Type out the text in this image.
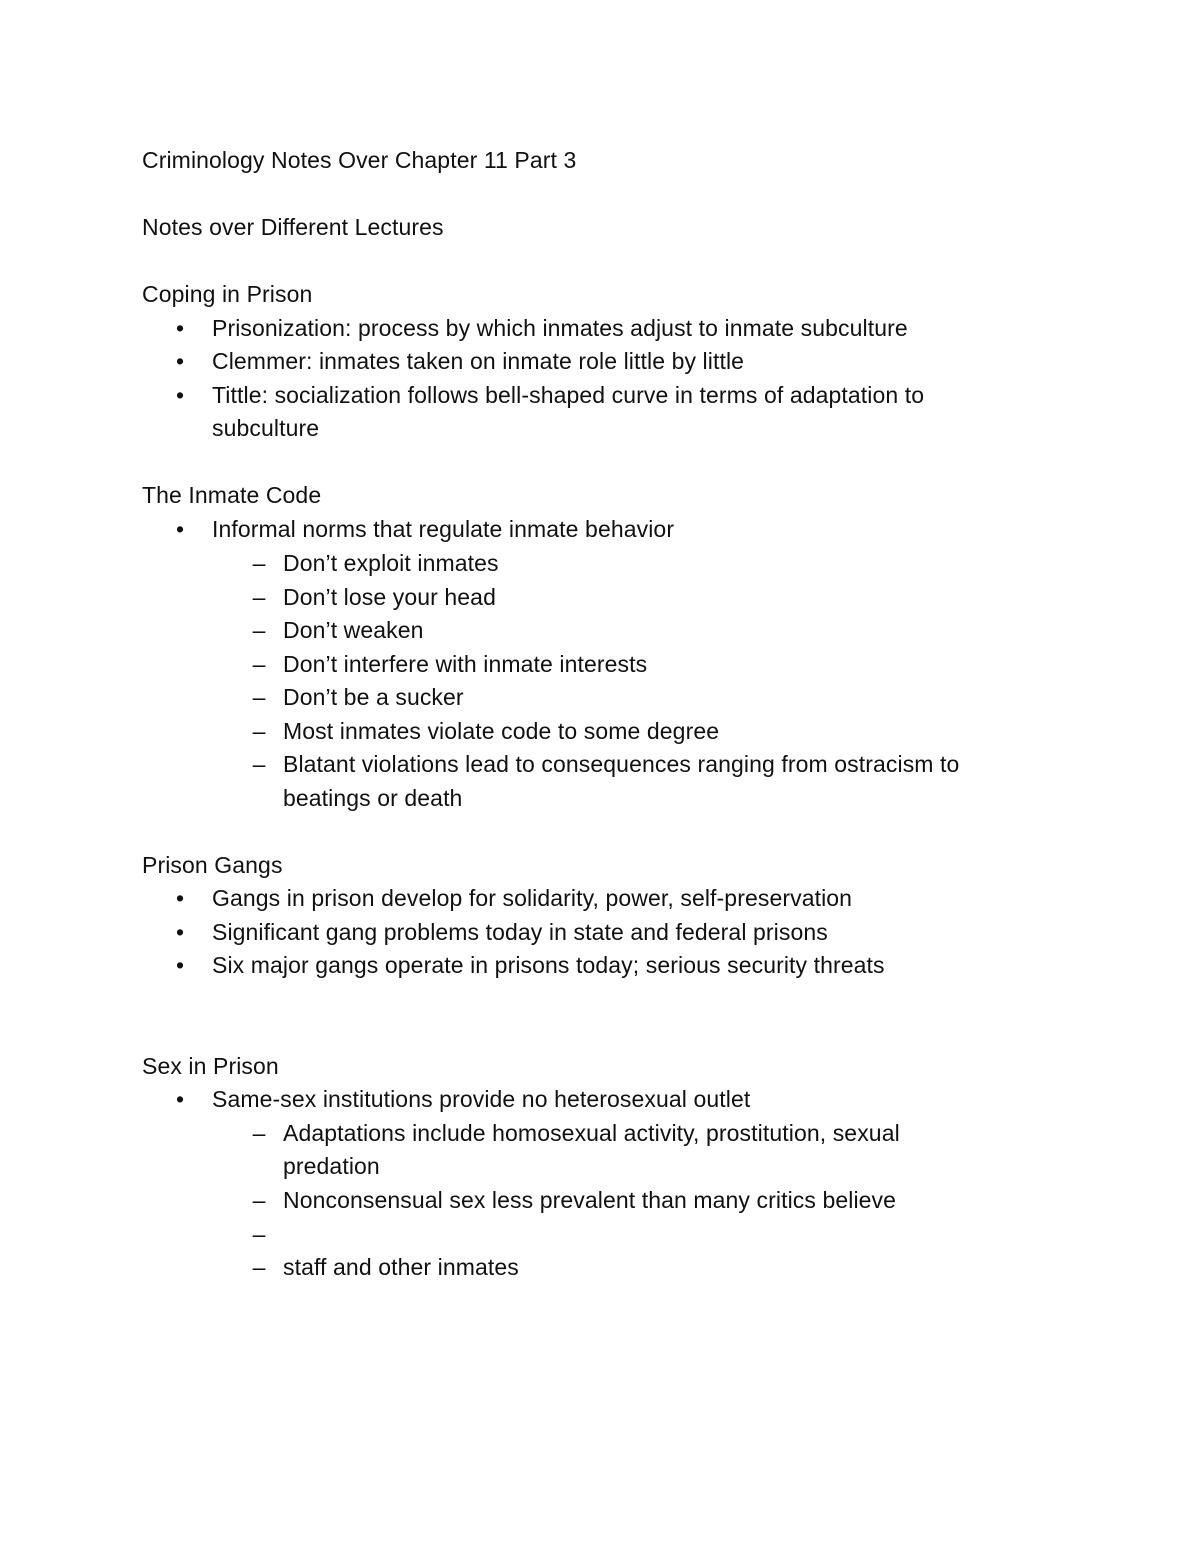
Criminology Notes Over Chapter 11 Part 3
Notes over Different Lectures
Coping in Prison
• Prisonization: process by which inmates adjust to inmate subculture
• Clemmer: inmates taken on inmate role little by little
• Tittle: socialization follows bell-shaped curve in terms of adaptation to
subculture
The Inmate Code
• Informal norms that regulate inmate behavior
– Don’t exploit inmates
– Don’t lose your head
– Don’t weaken
– Don’t interfere with inmate interests
– Don’t be a sucker
– Most inmates violate code to some degree
– Blatant violations lead to consequences ranging from ostracism to
beatings or death
Prison Gangs
• Gangs in prison develop for solidarity, power, self-preservation
• Significant gang problems today in state and federal prisons
• Six major gangs operate in prisons today; serious security threats
Sex in Prison
• Same-sex institutions provide no heterosexual outlet
– Adaptations include homosexual activity, prostitution, sexual
predation
– Nonconsensual sex less prevalent than many critics believe
–
– staff and other inmates
